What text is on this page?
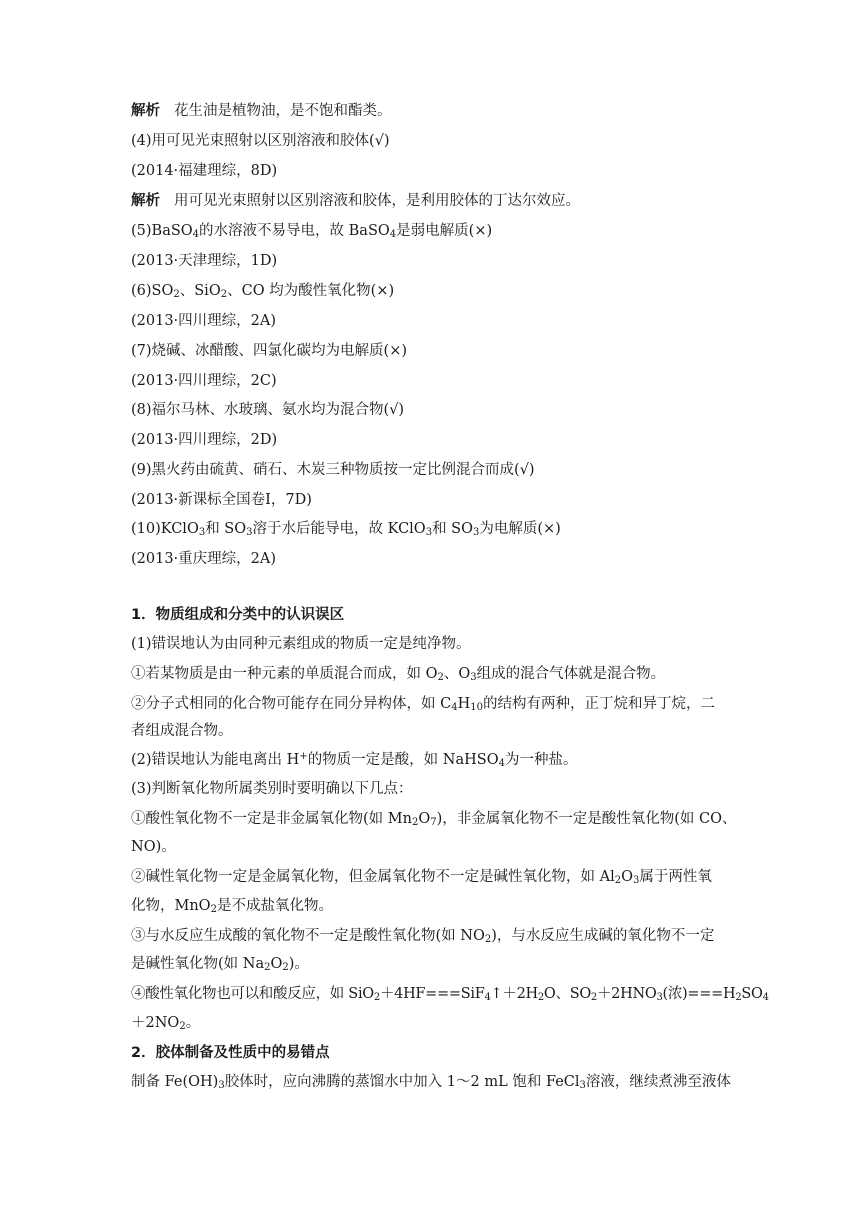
解析 花生油是植物油，是不饱和酯类。
(4)用可见光束照射以区别溶液和胶体(√)
(2014·福建理综，8D)
解析 用可见光束照射以区别溶液和胶体，是利用胶体的丁达尔效应。
(5)BaSO$_4$的水溶液不易导电，故 BaSO$_4$是弱电解质(×)
(2013·天津理综，1D)
$(6)SO_2$、SiO$_2$、CO 均为酸性氧化物(×)
(2013·四川理综，2A)
(7)烧碱、冰醋酸、四氯化碳均为电解质(×)
(2013·四川理综，2C)
(8)福尔马林、水玻璃、氨水均为混合物(√)
(2013·四川理综，2D)
(9)黑火药由硫黄、硝石、木炭三种物质按一定比例混合而成(√)
(2013·新课标全国卷Ⅰ，7D)
(10)KClO$_3$和 $SO_3$溶于水后能导电，故 KClO$_3$和 $SO_3$为电解质(×)
(2013·重庆理综，2A)
1．物质组成和分类中的认识误区
(1)错误地认为由同种元素组成的物质一定是纯净物。
①若某物质是由一种元素的单质混合而成，如 $O_2$、$O_3$组成的混合气体就是混合物。
②分子式相同的化合物可能存在同分异构体，如 $C_4H_{10}$的结构有两种，正丁烷和异丁烷，二
者组成混合物。
(2)错误地认为能电离出 H+的物质一定是酸，如 NaHSO$_4$为一种盐。
(3)判断氧化物所属类别时要明确以下几点：
①酸性氧化物不一定是非金属氧化物(如 $Mn_2O_7$)，非金属氧化物不一定是酸性氧化物(如 CO、
NO)。
②碱性氧化物一定是金属氧化物，但金属氧化物不一定是碱性氧化物，如 $Al_2O_3$属于两性氧
化物，MnO$_2$是不成盐氧化物。
③与水反应生成酸的氧化物不一定是酸性氧化物(如 $NO_2$)，与水反应生成碱的氧化物不一定
是碱性氧化物(如 $Na_2O_2$)。
④酸性氧化物也可以和酸反应，如 $SiO_2+4HF===SiF_4↑+2H_2O$、$SO_2+2HNO_3$(浓)$===H_2SO_4$
$+2NO_2$。
2．胶体制备及性质中的易错点
制备 $Fe(OH)_3$胶体时，应向沸腾的蒸馏水中加入 1～2 mL 饱和 FeCl$_3$溶液，继续煮沸至液体
